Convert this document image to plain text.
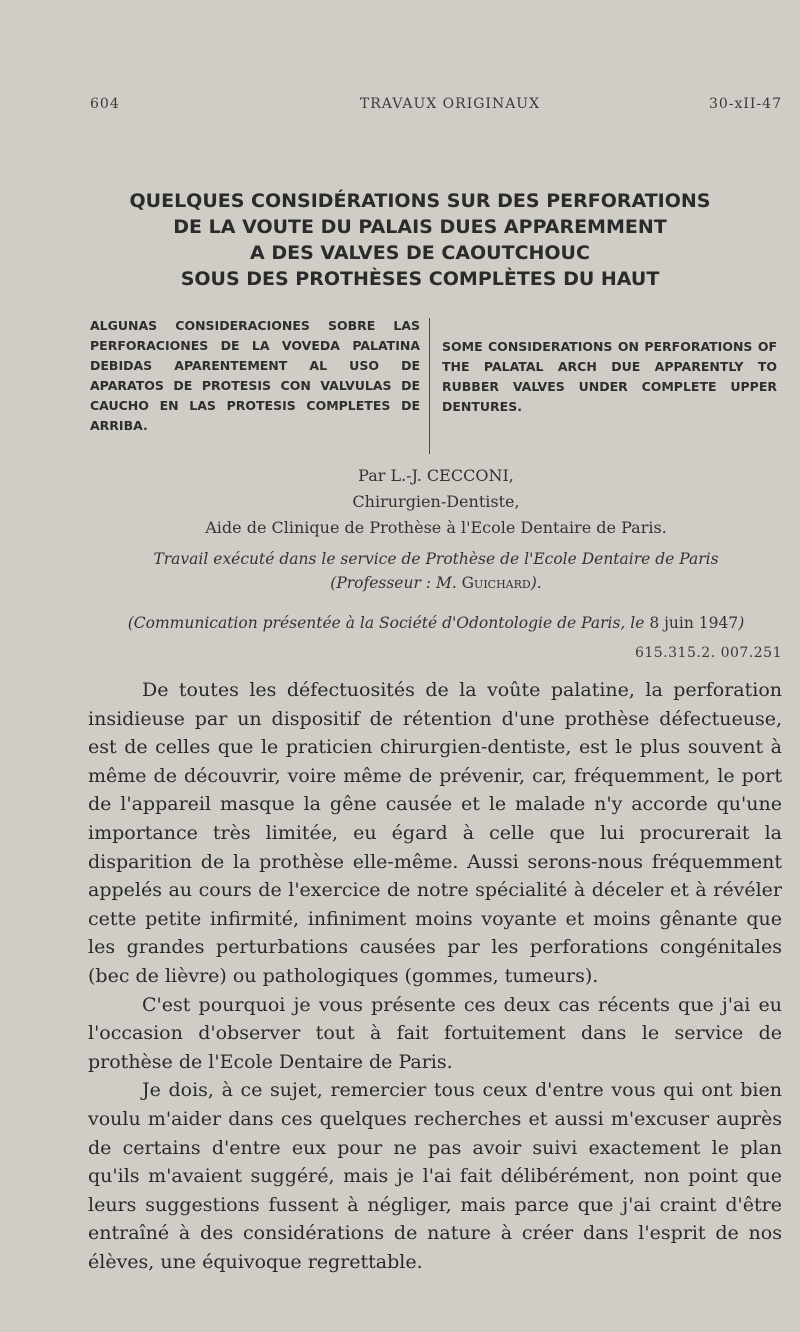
604	TRAVAUX ORIGINAUX	30-xII-47
QUELQUES CONSIDÉRATIONS SUR DES PERFORATIONS
DE LA VOUTE DU PALAIS DUES APPAREMMENT
A DES VALVES DE CAOUTCHOUC
SOUS DES PROTHÈSES COMPLÈTES DU HAUT
ALGUNAS CONSIDERACIONES SOBRE LAS PERFORACIONES DE LA VOVEDA PALATINA DEBIDAS APARENTEMENT AL USO DE APARATOS DE PROTESIS CON VALVULAS DE CAUCHO EN LAS PROTESIS COMPLETES DE ARRIBA.
SOME CONSIDERATIONS ON PERFORATIONS OF THE PALATAL ARCH DUE APPARENTLY TO RUBBER VALVES UNDER COMPLETE UPPER DENTURES.
Par L.-J. CECCONI,
Chirurgien-Dentiste,
Aide de Clinique de Prothèse à l'Ecole Dentaire de Paris.
Travail exécuté dans le service de Prothèse de l'Ecole Dentaire de Paris
(Professeur : M. Guichard).
(Communication présentée à la Société d'Odontologie de Paris, le 8 juin 1947)
615.315.2. 007.251

De toutes les défectuosités de la voûte palatine, la perforation insidieuse par un dispositif de rétention d'une prothèse défectueuse, est de celles que le praticien chirurgien-dentiste, est le plus souvent à même de découvrir, voire même de prévenir, car, fréquemment, le port de l'appareil masque la gêne causée et le malade n'y accorde qu'une importance très limitée, eu égard à celle que lui procurerait la disparition de la prothèse elle-même. Aussi serons-nous fréquemment appelés au cours de l'exercice de notre spécialité à déceler et à révéler cette petite infirmité, infiniment moins voyante et moins gênante que les grandes perturbations causées par les perforations congénitales (bec de lièvre) ou pathologiques (gommes, tumeurs).

C'est pourquoi je vous présente ces deux cas récents que j'ai eu l'occasion d'observer tout à fait fortuitement dans le service de prothèse de l'Ecole Dentaire de Paris.

Je dois, à ce sujet, remercier tous ceux d'entre vous qui ont bien voulu m'aider dans ces quelques recherches et aussi m'excuser auprès de certains d'entre eux pour ne pas avoir suivi exactement le plan qu'ils m'avaient suggéré, mais je l'ai fait délibérément, non point que leurs suggestions fussent à négliger, mais parce que j'ai craint d'être entraîné à des considérations de nature à créer dans l'esprit de nos élèves, une équivoque regrettable.
